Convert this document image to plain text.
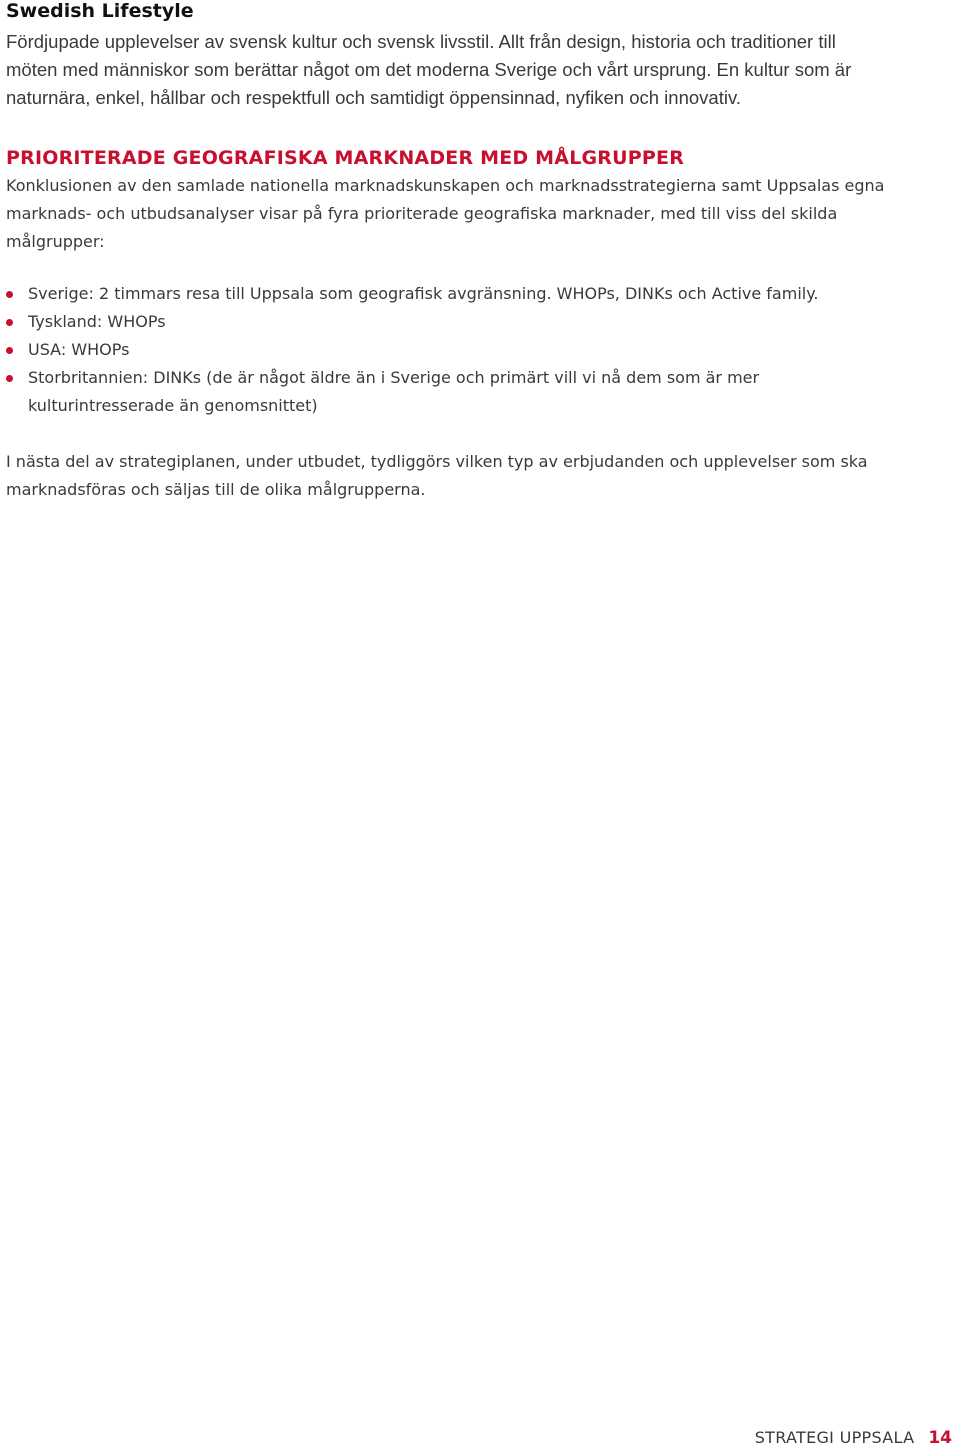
Swedish Lifestyle

Fördjupade upplevelser av svensk kultur och svensk livsstil. Allt från design, historia och traditioner till möten med människor som berättar något om det moderna Sverige och vårt ursprung. En kultur som är naturnära, enkel, hållbar och respektfull och samtidigt öppensinnad, nyfiken och innovativ.

PRIORITERADE GEOGRAFISKA MARKNADER MED MÅLGRUPPER

Konklusionen av den samlade nationella marknadskunskapen och marknadsstrategierna samt Uppsalas egna marknads- och utbudsanalyser visar på fyra prioriterade geografiska marknader, med till viss del skilda målgrupper:

Sverige: 2 timmars resa till Uppsala som geografisk avgränsning. WHOPs, DINKs och Active family.
Tyskland: WHOPs
USA: WHOPs
Storbritannien: DINKs (de är något äldre än i Sverige och primärt vill vi nå dem som är mer kulturintresserade än genomsnittet)

I nästa del av strategiplanen, under utbudet, tydliggörs vilken typ av erbjudanden och upplevelser som ska marknadsföras och säljas till de olika målgrupperna.

STRATEGI UPPSALA 14
